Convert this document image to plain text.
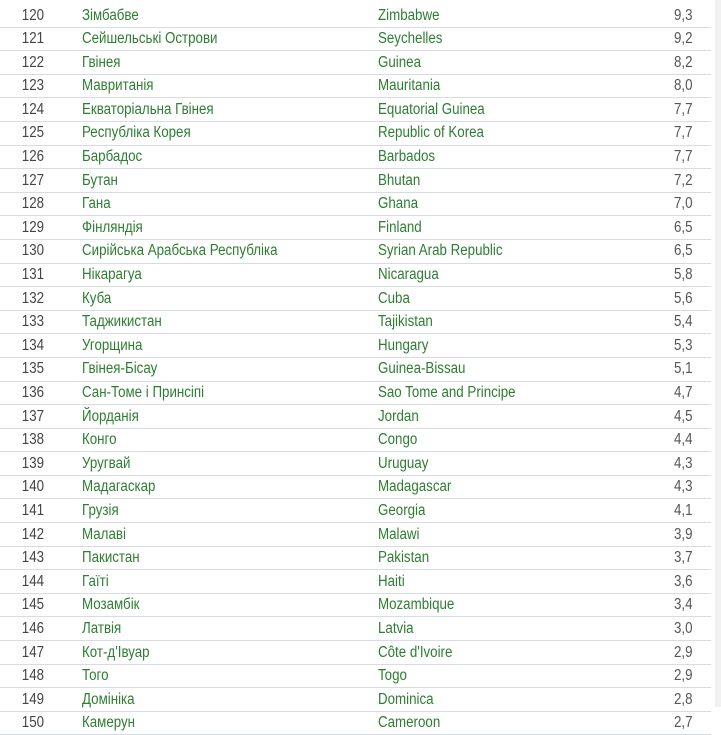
120	Зімбабве	Zimbabwe	9,3
121	Сейшельські Острови	Seychelles	9,2
122	Гвінея	Guinea	8,2
123	Мавританія	Mauritania	8,0
124	Екваторіальна Гвінея	Equatorial Guinea	7,7
125	Республіка Корея	Republic of Korea	7,7
126	Барбадос	Barbados	7,7
127	Бутан	Bhutan	7,2
128	Гана	Ghana	7,0
129	Фінляндія	Finland	6,5
130	Сирійська Арабська Республіка	Syrian Arab Republic	6,5
131	Нікарагуа	Nicaragua	5,8
132	Куба	Cuba	5,6
133	Таджикистан	Tajikistan	5,4
134	Угорщина	Hungary	5,3
135	Гвінея-Бісау	Guinea-Bissau	5,1
136	Сан-Томе і Принсіпі	Sao Tome and Principe	4,7
137	Йорданія	Jordan	4,5
138	Конго	Congo	4,4
139	Уругвай	Uruguay	4,3
140	Мадагаскар	Madagascar	4,3
141	Грузія	Georgia	4,1
142	Малаві	Malawi	3,9
143	Пакистан	Pakistan	3,7
144	Гаїті	Haiti	3,6
145	Мозамбік	Mozambique	3,4
146	Латвія	Latvia	3,0
147	Кот-д'Івуар	Côte d'Ivoire	2,9
148	Того	Togo	2,9
149	Домініка	Dominica	2,8
150	Камерун	Cameroon	2,7
